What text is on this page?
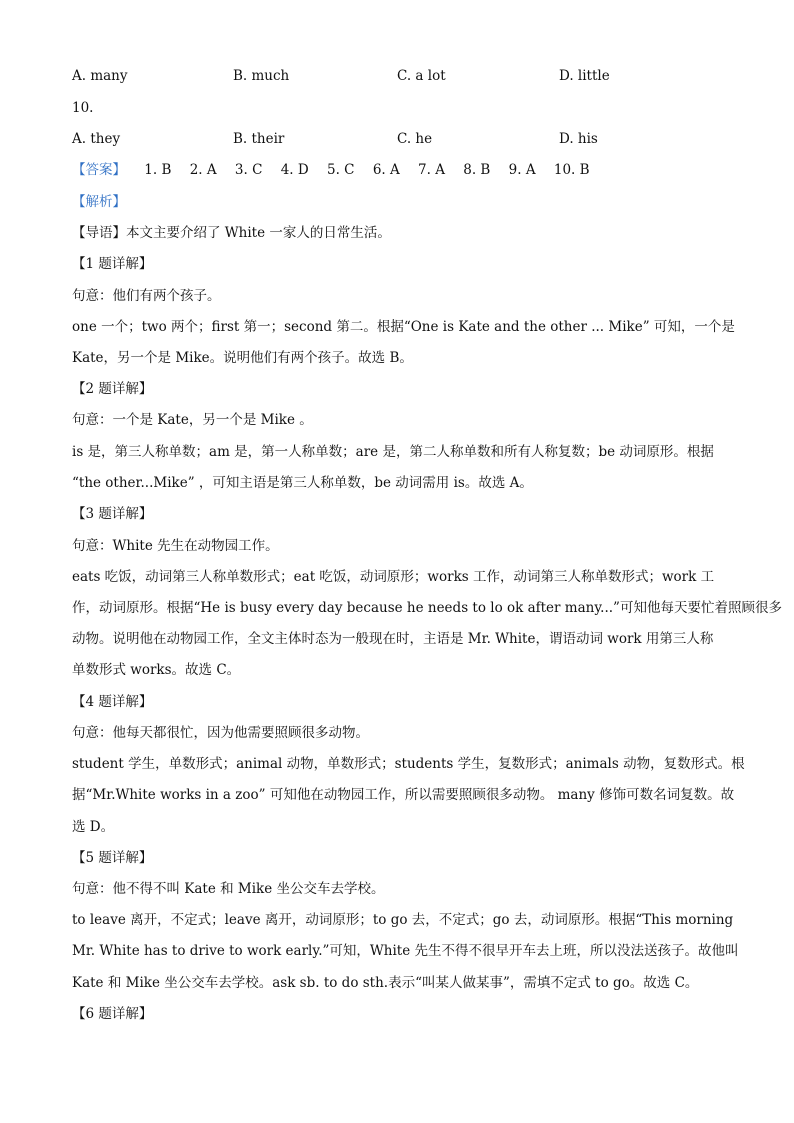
A. many	B. much	C. a lot	D. little
10.
A. they	B. their	C. he	D. his
【答案】 1. B 2. A 3. C 4. D 5. C 6. A 7. A 8. B 9. A 10. B
【解析】
【导语】本文主要介绍了 White 一家人的日常生活。
【1 题详解】
句意：他们有两个孩子。
one 一个；two 两个；first 第一；second 第二。根据“One is Kate and the other ... Mike” 可知，一个是
Kate，另一个是 Mike。说明他们有两个孩子。故选 B。
【2 题详解】
句意：一个是 Kate，另一个是 Mike 。
is 是，第三人称单数；am 是，第一人称单数；are 是，第二人称单数和所有人称复数；be 动词原形。根据
“the other...Mike” ，可知主语是第三人称单数，be 动词需用 is。故选 A。
【3 题详解】
句意：White 先生在动物园工作。
eats 吃饭，动词第三人称单数形式；eat 吃饭，动词原形；works 工作，动词第三人称单数形式；work 工
作，动词原形。根据“He is busy every day because he needs to lo ok after many...”可知他每天要忙着照顾很多
动物。说明他在动物园工作，全文主体时态为一般现在时，主语是 Mr. White，谓语动词 work 用第三人称
单数形式 works。故选 C。
【4 题详解】
句意：他每天都很忙，因为他需要照顾很多动物。
student 学生，单数形式；animal 动物，单数形式；students 学生，复数形式；animals 动物，复数形式。根
据“Mr.White works in a zoo” 可知他在动物园工作，所以需要照顾很多动物。 many 修饰可数名词复数。故
选 D。
【5 题详解】
句意：他不得不叫 Kate 和 Mike 坐公交车去学校。
to leave 离开，不定式；leave 离开，动词原形；to go 去，不定式；go 去，动词原形。根据“This morning
Mr. White has to drive to work early.”可知，White 先生不得不很早开车去上班，所以没法送孩子。故他叫
Kate 和 Mike 坐公交车去学校。ask sb. to do sth.表示“叫某人做某事”，需填不定式 to go。故选 C。
【6 题详解】
